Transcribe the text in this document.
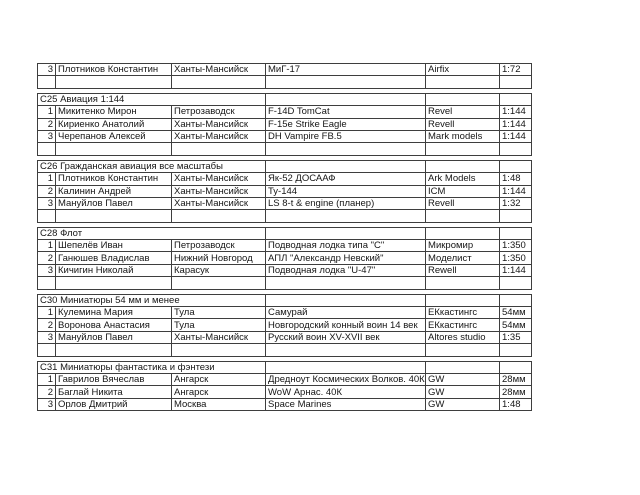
3	Плотников Константин	Ханты-Мансийск	МиГ-17	Airfix	1:72

С25 Авиация 1:144					
1	Микитенко Мирон	Петрозаводск	F-14D TomCat	Revel	1:144
2	Кириенко Анатолий	Ханты-Мансийск	F-15e Strike Eagle	Revell	1:144
3	Черепанов Алексей	Ханты-Мансийск	DH Vampire FB.5	Mark models	1:144

С26 Гражданская авиация все масштабы					
1	Плотников Константин	Ханты-Мансийск	Як-52 ДОСААФ	Ark Models	1:48
2	Калинин Андрей	Ханты-Мансийск	Ту-144	ICM	1:144
3	Мануйлов Павел	Ханты-Мансийск	LS 8-t & engine (планер)	Revell	1:32

С28 Флот					
1	Шепелёв Иван	Петрозаводск	Подводная лодка типа "С"	Микромир	1:350
2	Ганюшев Владислав	Нижний Новгород	АПЛ "Александр Невский"	Моделист	1:350
3	Кичигин Николай	Карасук	Подводная лодка "U-47"	Rewell	1:144

С30 Миниатюры 54 мм и менее					
1	Кулемина Мария	Тула	Самурай	ЕКкастингс	54мм
2	Воронова Анастасия	Тула	Новгородский конный воин 14 век	ЕКкастингс	54мм
3	Мануйлов Павел	Ханты-Мансийск	Русский воин XV-XVII век	Altores studio	1:35

С31 Миниатюры фантастика и фэнтези					
1	Гаврилов Вячеслав	Ангарск	Дредноут Космических Волков. 40К	GW	28мм
2	Баглай Никита	Ангарск	WoW Арнас. 40К	GW	28мм
3	Орлов Дмитрий	Москва	Space Marines	GW	1:48
